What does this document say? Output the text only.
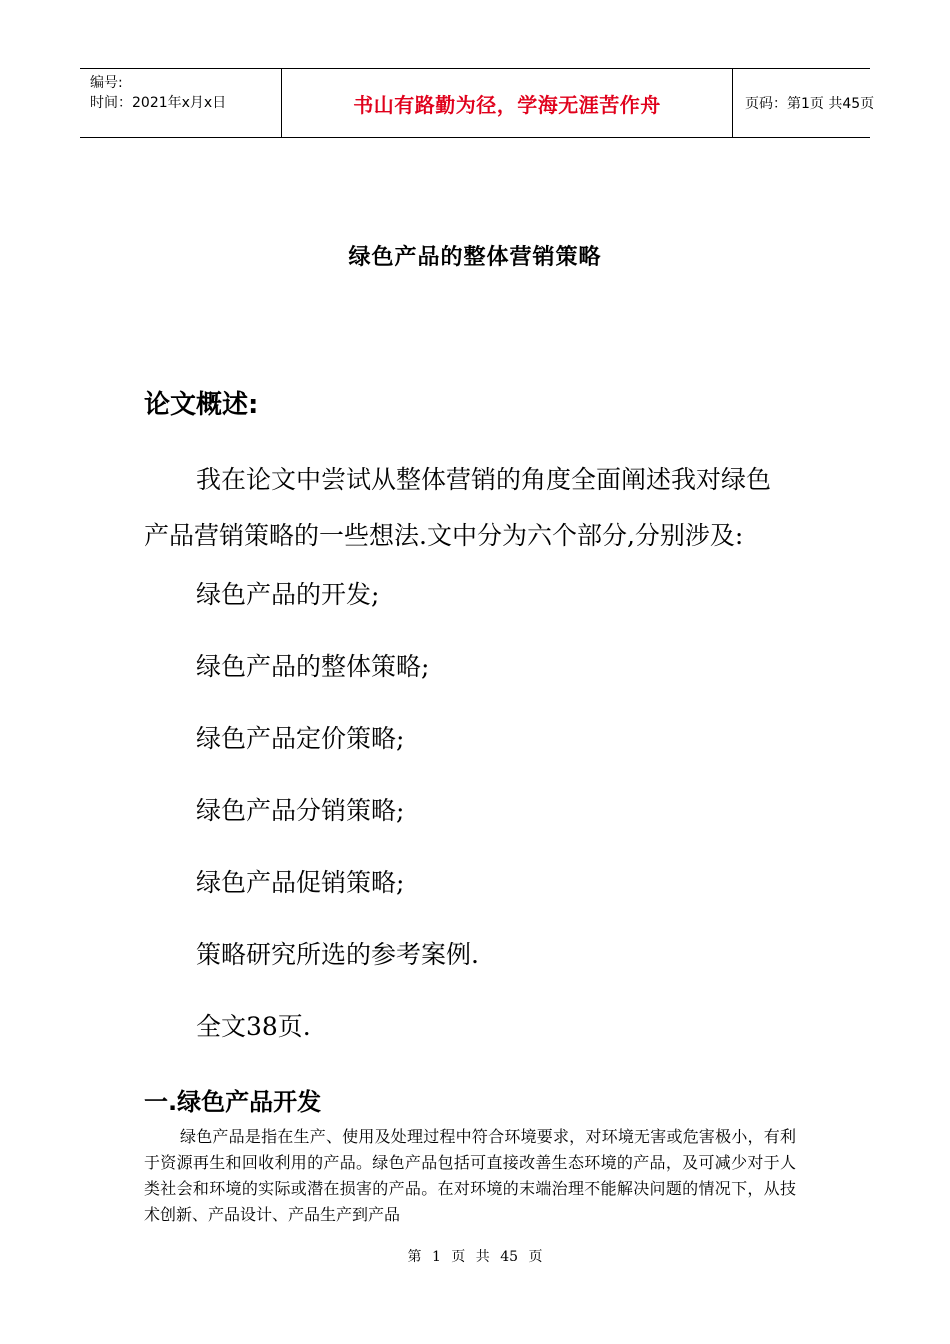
编号:
时间：2021年x月x日	书山有路勤为径，学海无涯苦作舟	页码：第1页 共45页
绿色产品的整体营销策略
论文概述:
我在论文中尝试从整体营销的角度全面阐述我对绿色
产品营销策略的一些想法.文中分为六个部分,分别涉及:
绿色产品的开发;
绿色产品的整体策略;
绿色产品定价策略;
绿色产品分销策略;
绿色产品促销策略;
策略研究所选的参考案例.
全文38页.
一.绿色产品开发
绿色产品是指在生产、使用及处理过程中符合环境要求，对环境无害或危害极小，有利于资源再生和回收利用的产品。绿色产品包括可直接改善生态环境的产品，及可减少对于人类社会和环境的实际或潜在损害的产品。在对环境的末端治理不能解决问题的情况下，从技术创新、产品设计、产品生产到产品
第 1 页 共 45 页
